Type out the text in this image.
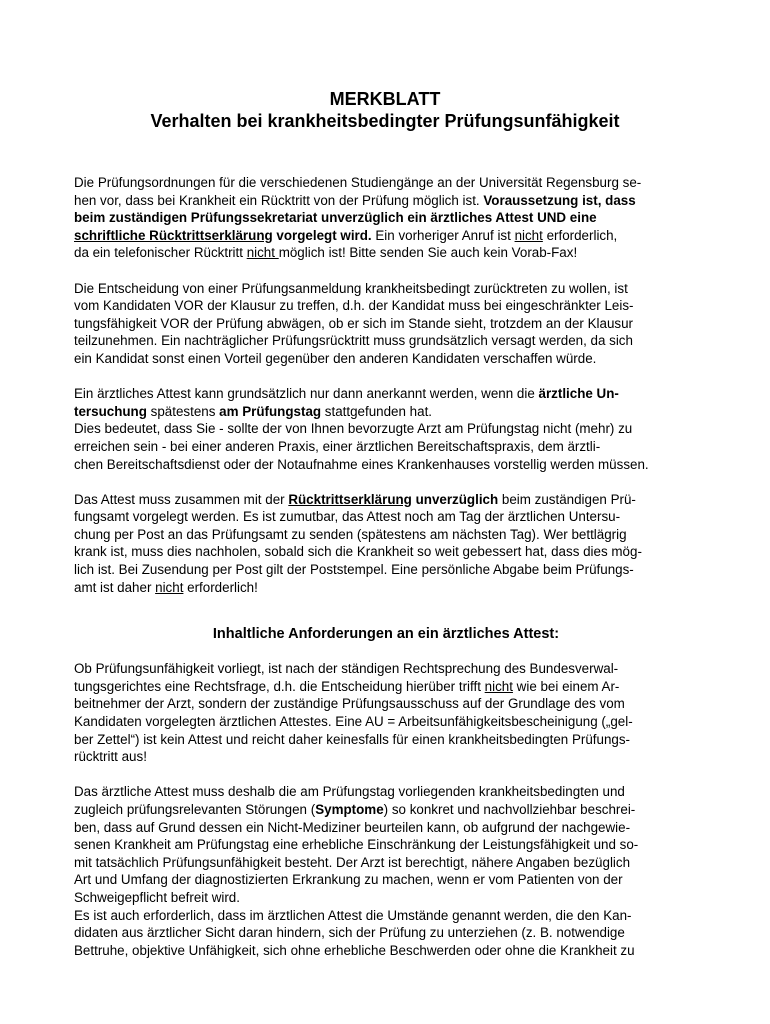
MERKBLATT

Verhalten bei krankheitsbedingter Prüfungsunfähigkeit

Die Prüfungsordnungen für die verschiedenen Studiengänge an der Universität Regensburg se-
hen vor, dass bei Krankheit ein Rücktritt von der Prüfung möglich ist. Voraussetzung ist, dass
beim zuständigen Prüfungssekretariat unverzüglich ein ärztliches Attest UND eine
schriftliche Rücktrittserklärung vorgelegt wird. Ein vorheriger Anruf ist nicht erforderlich,
da ein telefonischer Rücktritt nicht möglich ist! Bitte senden Sie auch kein Vorab-Fax!

Die Entscheidung von einer Prüfungsanmeldung krankheitsbedingt zurücktreten zu wollen, ist
vom Kandidaten VOR der Klausur zu treffen, d.h. der Kandidat muss bei eingeschränkter Leis-
tungsfähigkeit VOR der Prüfung abwägen, ob er sich im Stande sieht, trotzdem an der Klausur
teilzunehmen. Ein nachträglicher Prüfungsrücktritt muss grundsätzlich versagt werden, da sich
ein Kandidat sonst einen Vorteil gegenüber den anderen Kandidaten verschaffen würde.

Ein ärztliches Attest kann grundsätzlich nur dann anerkannt werden, wenn die ärztliche Un-
tersuchung spätestens am Prüfungstag stattgefunden hat.
Dies bedeutet, dass Sie - sollte der von Ihnen bevorzugte Arzt am Prüfungstag nicht (mehr) zu
erreichen sein - bei einer anderen Praxis, einer ärztlichen Bereitschaftspraxis, dem ärztli-
chen Bereitschaftsdienst oder der Notaufnahme eines Krankenhauses vorstellig werden müssen.

Das Attest muss zusammen mit der Rücktrittserklärung unverzüglich beim zuständigen Prü-
fungsamt vorgelegt werden. Es ist zumutbar, das Attest noch am Tag der ärztlichen Untersu-
chung per Post an das Prüfungsamt zu senden (spätestens am nächsten Tag). Wer bettlägrig
krank ist, muss dies nachholen, sobald sich die Krankheit so weit gebessert hat, dass dies mög-
lich ist. Bei Zusendung per Post gilt der Poststempel. Eine persönliche Abgabe beim Prüfungs-
amt ist daher nicht erforderlich!

Inhaltliche Anforderungen an ein ärztliches Attest:

Ob Prüfungsunfähigkeit vorliegt, ist nach der ständigen Rechtsprechung des Bundesverwal-
tungsgerichtes eine Rechtsfrage, d.h. die Entscheidung hierüber trifft nicht wie bei einem Ar-
beitnehmer der Arzt, sondern der zuständige Prüfungsausschuss auf der Grundlage des vom
Kandidaten vorgelegten ärztlichen Attestes. Eine AU = Arbeitsunfähigkeitsbescheinigung („gel-
ber Zettel“) ist kein Attest und reicht daher keinesfalls für einen krankheitsbedingten Prüfungs-
rücktritt aus!

Das ärztliche Attest muss deshalb die am Prüfungstag vorliegenden krankheitsbedingten und
zugleich prüfungsrelevanten Störungen (Symptome) so konkret und nachvollziehbar beschrei-
ben, dass auf Grund dessen ein Nicht-Mediziner beurteilen kann, ob aufgrund der nachgewie-
senen Krankheit am Prüfungstag eine erhebliche Einschränkung der Leistungsfähigkeit und so-
mit tatsächlich Prüfungsunfähigkeit besteht. Der Arzt ist berechtigt, nähere Angaben bezüglich
Art und Umfang der diagnostizierten Erkrankung zu machen, wenn er vom Patienten von der
Schweigepflicht befreit wird.
Es ist auch erforderlich, dass im ärztlichen Attest die Umstände genannt werden, die den Kan-
didaten aus ärztlicher Sicht daran hindern, sich der Prüfung zu unterziehen (z. B. notwendige
Bettruhe, objektive Unfähigkeit, sich ohne erhebliche Beschwerden oder ohne die Krankheit zu
